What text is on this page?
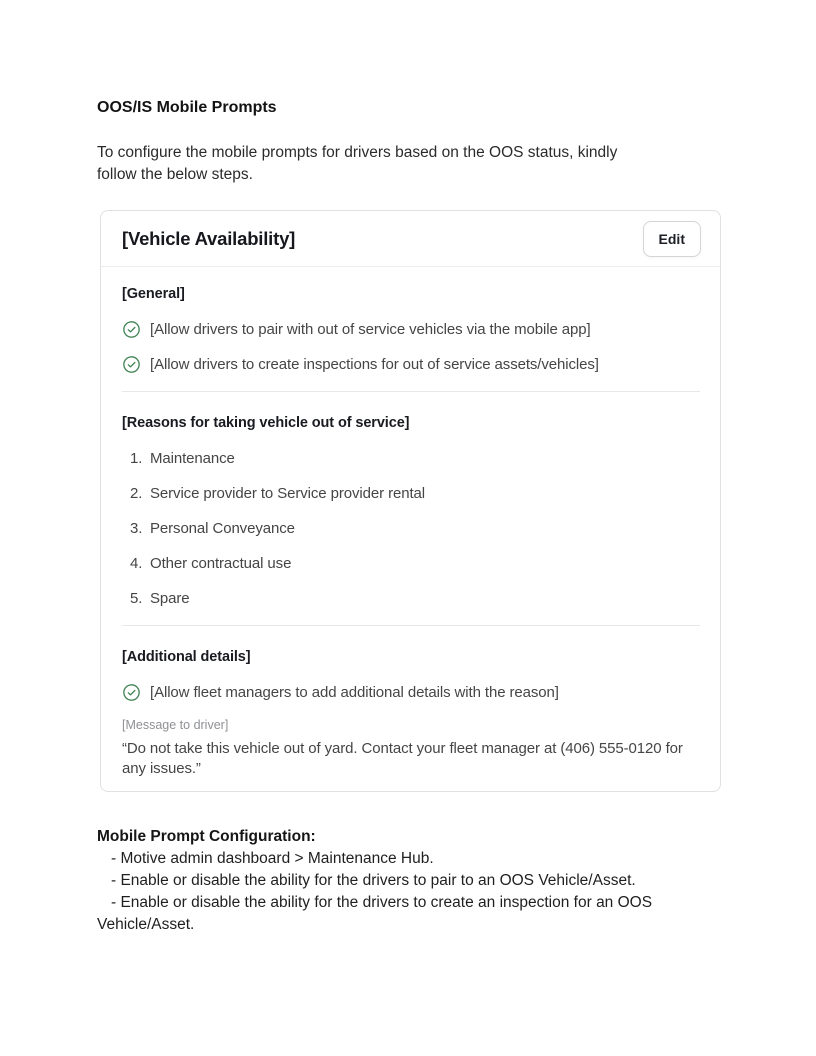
OOS/IS Mobile Prompts
To configure the mobile prompts for drivers based on the OOS status, kindly
follow the below steps.
[Vehicle Availability]	Edit
[General]
[Allow drivers to pair with out of service vehicles via the mobile app]
[Allow drivers to create inspections for out of service assets/vehicles]
[Reasons for taking vehicle out of service]
1. Maintenance
2. Service provider to Service provider rental
3. Personal Conveyance
4. Other contractual use
5. Spare
[Additional details]
[Allow fleet managers to add additional details with the reason]
[Message to driver]
“Do not take this vehicle out of yard. Contact your fleet manager at (406) 555-0120 for
any issues.”
Mobile Prompt Configuration:
- Motive admin dashboard > Maintenance Hub.
- Enable or disable the ability for the drivers to pair to an OOS Vehicle/Asset.
- Enable or disable the ability for the drivers to create an inspection for an OOS
Vehicle/Asset.
